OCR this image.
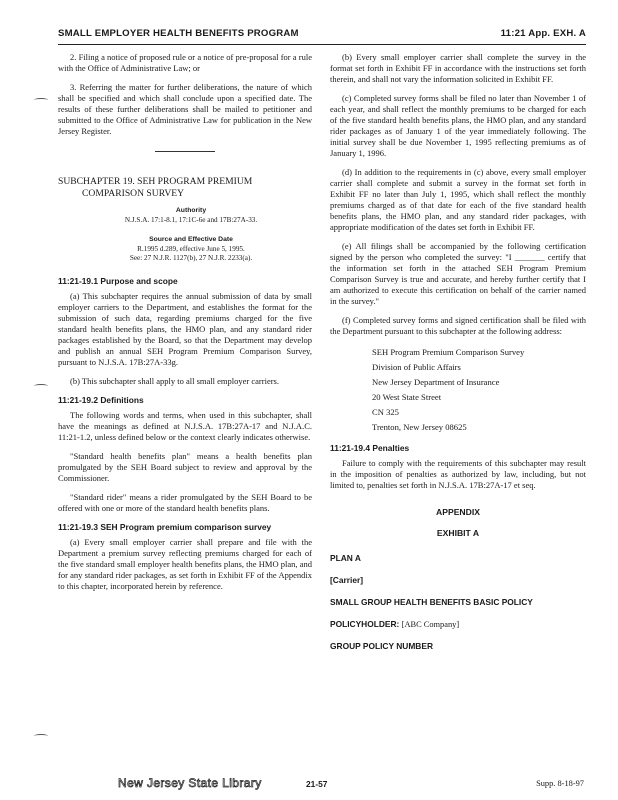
SMALL EMPLOYER HEALTH BENEFITS PROGRAM	11:21 App. EXH. A

2. Filing a notice of proposed rule or a notice of pre-proposal for a rule with the Office of Administrative Law; or

3. Referring the matter for further deliberations, the nature of which shall be specified and which shall conclude upon a specified date. The results of these further deliberations shall be mailed to petitioner and submitted to the Office of Administrative Law for publication in the New Jersey Register.

SUBCHAPTER 19. SEH PROGRAM PREMIUM COMPARISON SURVEY

Authority

N.J.S.A. 17:1-8.1, 17:1C-6e and 17B:27A-33.

Source and Effective Date

R.1995 d.289, effective June 5, 1995.

See: 27 N.J.R. 1127(b), 27 N.J.R. 2233(a).

11:21-19.1 Purpose and scope

(a) This subchapter requires the annual submission of data by small employer carriers to the Department, and establishes the format for the submission of such data, regarding premiums charged for the five standard health benefits plans, the HMO plan, and any standard rider packages established by the Board, so that the Department may develop and publish an annual SEH Program Premium Comparison Survey, pursuant to N.J.S.A. 17B:27A-33g.

(b) This subchapter shall apply to all small employer carriers.

11:21-19.2 Definitions

The following words and terms, when used in this subchapter, shall have the meanings as defined at N.J.S.A. 17B:27A-17 and N.J.A.C. 11:21-1.2, unless defined below or the context clearly indicates otherwise.

"Standard health benefits plan" means a health benefits plan promulgated by the SEH Board subject to review and approval by the Commissioner.

"Standard rider" means a rider promulgated by the SEH Board to be offered with one or more of the standard health benefits plans.

11:21-19.3 SEH Program premium comparison survey

(a) Every small employer carrier shall prepare and file with the Department a premium survey reflecting premiums charged for each of the five standard small employer health benefits plans, the HMO plan, and for any standard rider packages, as set forth in Exhibit FF of the Appendix to this chapter, incorporated herein by reference.

(b) Every small employer carrier shall complete the survey in the format set forth in Exhibit FF in accordance with the instructions set forth therein, and shall not vary the information solicited in Exhibit FF.

(c) Completed survey forms shall be filed no later than November 1 of each year, and shall reflect the monthly premiums to be charged for each of the five standard health benefits plans, the HMO plan, and any standard rider packages as of January 1 of the year immediately following. The initial survey shall be due November 1, 1995 reflecting premiums as of January 1, 1996.

(d) In addition to the requirements in (c) above, every small employer carrier shall complete and submit a survey in the format set forth in Exhibit FF no later than July 1, 1995, which shall reflect the monthly premiums charged as of that date for each of the five standard health benefits plans, the HMO plan, and any standard rider packages, with appropriate modification of the dates set forth in Exhibit FF.

(e) All filings shall be accompanied by the following certification signed by the person who completed the survey: "I _______ certify that the information set forth in the attached SEH Program Premium Comparison Survey is true and accurate, and hereby further certify that I am authorized to execute this certification on behalf of the carrier named in the survey."

(f) Completed survey forms and signed certification shall be filed with the Department pursuant to this subchapter at the following address:

SEH Program Premium Comparison Survey
Division of Public Affairs
New Jersey Department of Insurance
20 West State Street
CN 325
Trenton, New Jersey 08625

11:21-19.4 Penalties

Failure to comply with the requirements of this subchapter may result in the imposition of penalties as authorized by law, including, but not limited to, penalties set forth in N.J.S.A. 17B:27A-17 et seq.

APPENDIX
EXHIBIT A
PLAN A
[Carrier]
SMALL GROUP HEALTH BENEFITS BASIC POLICY
POLICYHOLDER: [ABC Company]
GROUP POLICY NUMBER
New Jersey State Library	21-57	Supp. 8-18-97
